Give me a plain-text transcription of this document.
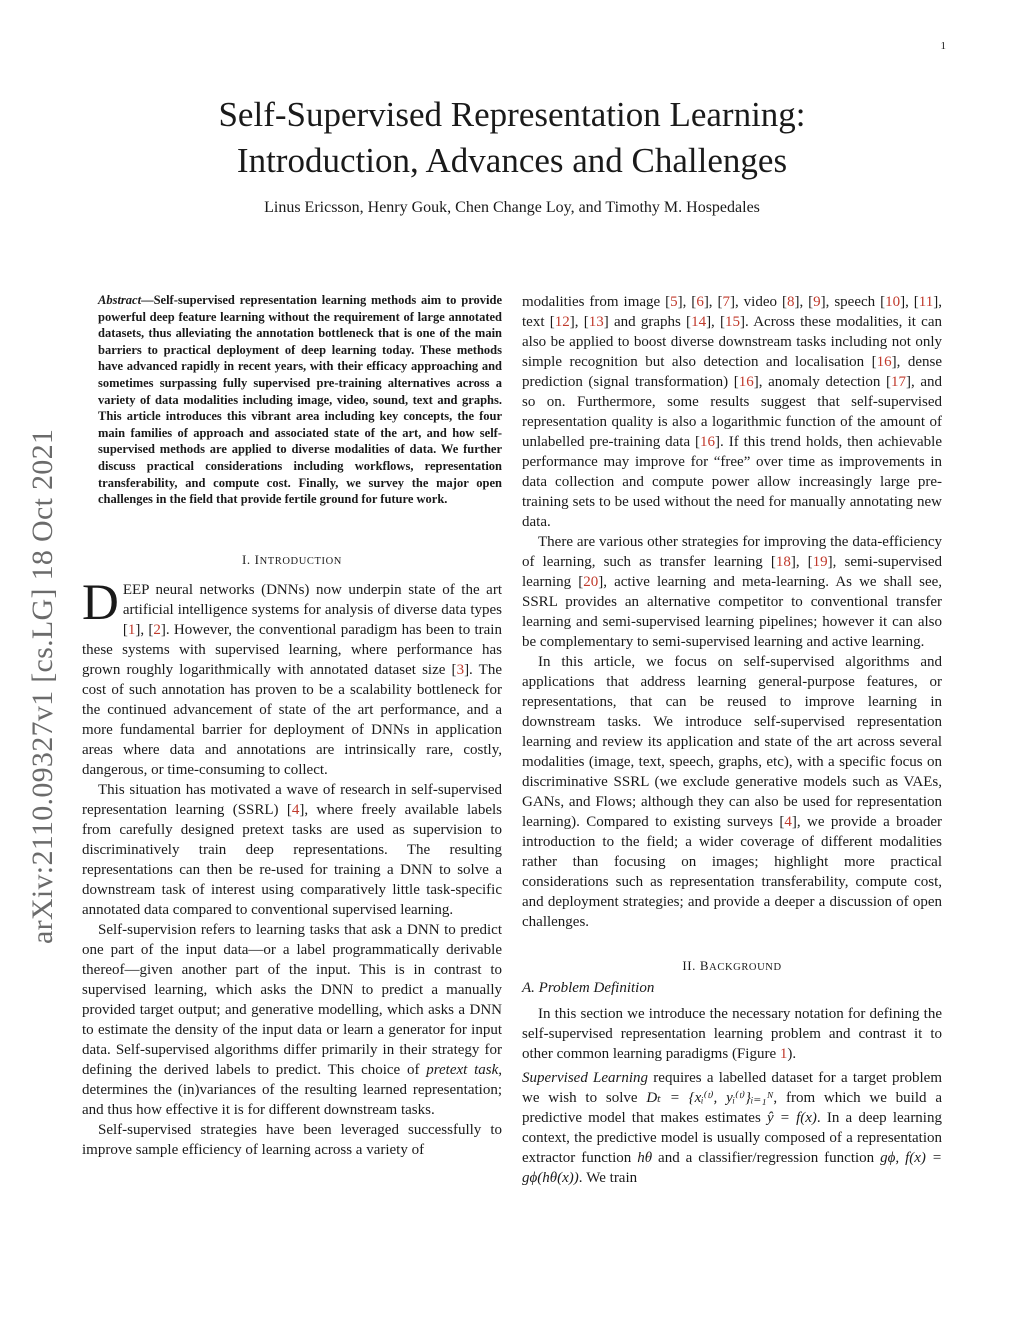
1
arXiv:2110.09327v1 [cs.LG] 18 Oct 2021
Self-Supervised Representation Learning:
Introduction, Advances and Challenges
Linus Ericsson, Henry Gouk, Chen Change Loy, and Timothy M. Hospedales

Abstract—Self-supervised representation learning methods aim to provide powerful deep feature learning without the requirement of large annotated datasets, thus alleviating the annotation bottleneck that is one of the main barriers to practical deployment of deep learning today. These methods have advanced rapidly in recent years, with their efficacy approaching and sometimes surpassing fully supervised pre-training alternatives across a variety of data modalities including image, video, sound, text and graphs. This article introduces this vibrant area including key concepts, the four main families of approach and associated state of the art, and how self-supervised methods are applied to diverse modalities of data. We further discuss practical considerations including workflows, representation transferability, and compute cost. Finally, we survey the major open challenges in the field that provide fertile ground for future work.

I. INTRODUCTION

DEEP neural networks (DNNs) now underpin state of the art artificial intelligence systems for analysis of diverse data types [1], [2]. However, the conventional paradigm has been to train these systems with supervised learning, where performance has grown roughly logarithmically with annotated dataset size [3]. The cost of such annotation has proven to be a scalability bottleneck for the continued advancement of state of the art performance, and a more fundamental barrier for deployment of DNNs in application areas where data and annotations are intrinsically rare, costly, dangerous, or time-consuming to collect.

This situation has motivated a wave of research in self-supervised representation learning (SSRL) [4], where freely available labels from carefully designed pretext tasks are used as supervision to discriminatively train deep representations. The resulting representations can then be re-used for training a DNN to solve a downstream task of interest using comparatively little task-specific annotated data compared to conventional supervised learning.

Self-supervision refers to learning tasks that ask a DNN to predict one part of the input data—or a label programmatically derivable thereof—given another part of the input. This is in contrast to supervised learning, which asks the DNN to predict a manually provided target output; and generative modelling, which asks a DNN to estimate the density of the input data or learn a generator for input data. Self-supervised algorithms differ primarily in their strategy for defining the derived labels to predict. This choice of pretext task, determines the (in)variances of the resulting learned representation; and thus how effective it is for different downstream tasks.

Self-supervised strategies have been leveraged successfully to improve sample efficiency of learning across a variety of

modalities from image [5], [6], [7], video [8], [9], speech [10], [11], text [12], [13] and graphs [14], [15]. Across these modalities, it can also be applied to boost diverse downstream tasks including not only simple recognition but also detection and localisation [16], dense prediction (signal transformation) [16], anomaly detection [17], and so on. Furthermore, some results suggest that self-supervised representation quality is also a logarithmic function of the amount of unlabelled pre-training data [16]. If this trend holds, then achievable performance may improve for “free” over time as improvements in data collection and compute power allow increasingly large pre-training sets to be used without the need for manually annotating new data.

There are various other strategies for improving the data-efficiency of learning, such as transfer learning [18], [19], semi-supervised learning [20], active learning and meta-learning. As we shall see, SSRL provides an alternative competitor to conventional transfer learning and semi-supervised learning pipelines; however it can also be complementary to semi-supervised learning and active learning.

In this article, we focus on self-supervised algorithms and applications that address learning general-purpose features, or representations, that can be reused to improve learning in downstream tasks. We introduce self-supervised representation learning and review its application and state of the art across several modalities (image, text, speech, graphs, etc), with a specific focus on discriminative SSRL (we exclude generative models such as VAEs, GANs, and Flows; although they can also be used for representation learning). Compared to existing surveys [4], we provide a broader introduction to the field; a wider coverage of different modalities rather than focusing on images; highlight more practical considerations such as representation transferability, compute cost, and deployment strategies; and provide a deeper a discussion of open challenges.

II. BACKGROUND

A. Problem Definition

In this section we introduce the necessary notation for defining the self-supervised representation learning problem and contrast it to other common learning paradigms (Figure 1).

Supervised Learning requires a labelled dataset for a target problem we wish to solve Dₜ = {xᵢ⁽ᵗ⁾, yᵢ⁽ᵗ⁾}ᵢ₌₁ᴺ, from which we build a predictive model that makes estimates ŷ = f(x). In a deep learning context, the predictive model is usually composed of a representation extractor function hθ and a classifier/regression function gϕ, f(x) = gϕ(hθ(x)). We train
